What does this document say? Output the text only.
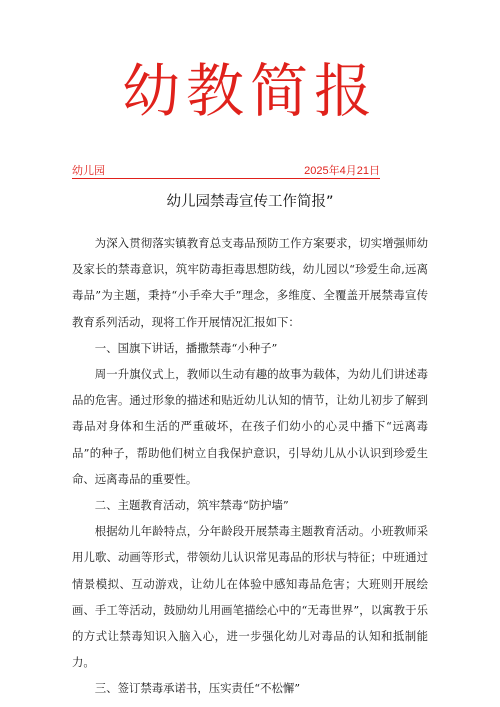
幼教简报
幼儿园	2025年4月21日
幼儿园禁毒宣传工作简报”

为深入贯彻落实镇教育总支毒品预防工作方案要求，切实增强师幼及家长的禁毒意识，筑牢防毒拒毒思想防线，幼儿园以“珍爱生命,远离毒品”为主题，秉持“小手牵大手”理念，多维度、全覆盖开展禁毒宣传教育系列活动，现将工作开展情况汇报如下：

一、国旗下讲话，播撒禁毒“小种子”

周一升旗仪式上，教师以生动有趣的故事为载体，为幼儿们讲述毒品的危害。通过形象的描述和贴近幼儿认知的情节，让幼儿初步了解到毒品对身体和生活的严重破坏，在孩子们幼小的心灵中播下“远离毒品”的种子，帮助他们树立自我保护意识，引导幼儿从小认识到珍爱生命、远离毒品的重要性。

二、主题教育活动，筑牢禁毒“防护墙”

根据幼儿年龄特点，分年龄段开展禁毒主题教育活动。小班教师采用儿歌、动画等形式，带领幼儿认识常见毒品的形状与特征；中班通过情景模拟、互动游戏，让幼儿在体验中感知毒品危害；大班则开展绘画、手工等活动，鼓励幼儿用画笔描绘心中的“无毒世界”，以寓教于乐的方式让禁毒知识入脑入心，进一步强化幼儿对毒品的认知和抵制能力。

三、签订禁毒承诺书，压实责任“不松懈”
